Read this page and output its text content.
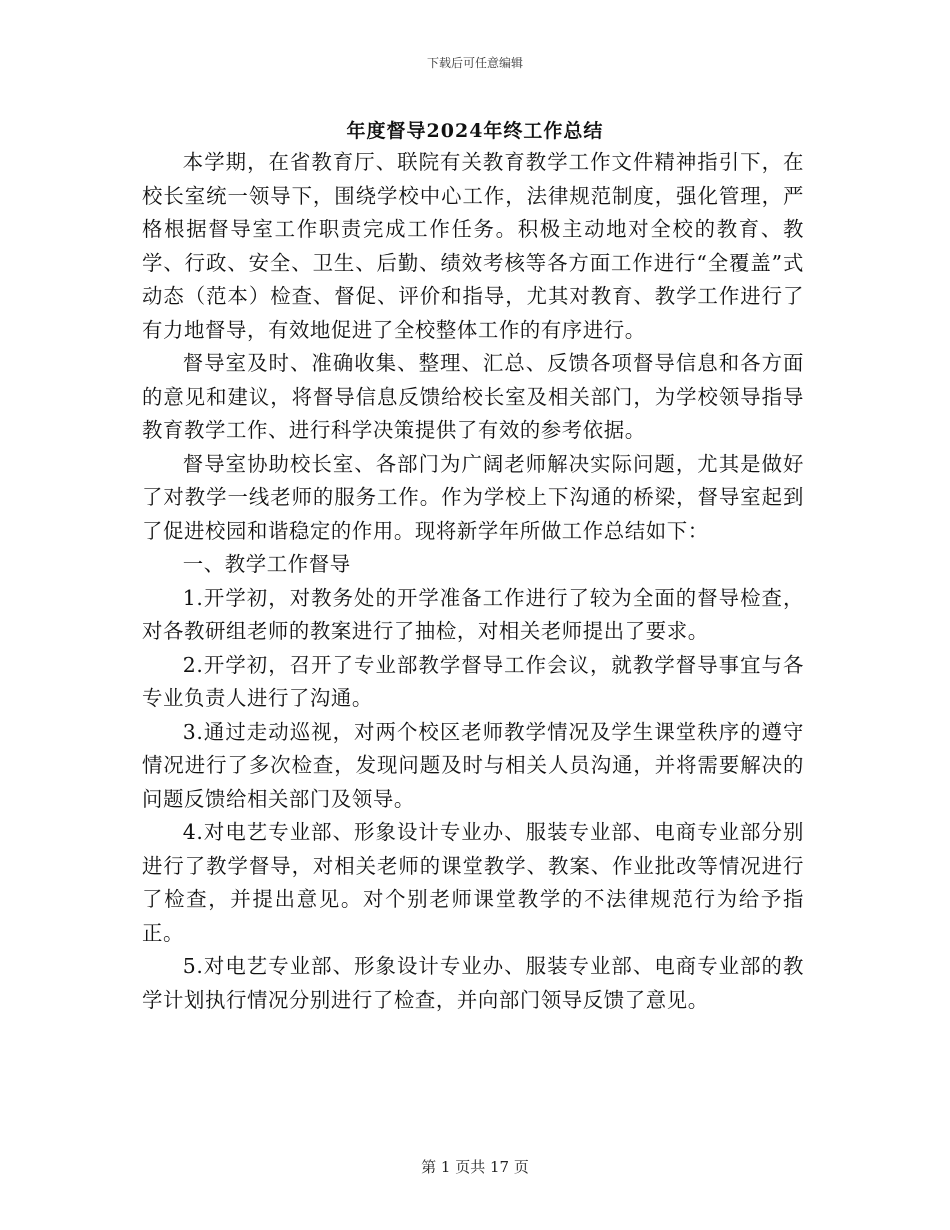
下载后可任意编辑
年度督导2024年终工作总结

本学期，在省教育厅、联院有关教育教学工作文件精神指引下，在校长室统一领导下，围绕学校中心工作，法律规范制度，强化管理，严格根据督导室工作职责完成工作任务。积极主动地对全校的教育、教学、行政、安全、卫生、后勤、绩效考核等各方面工作进行“全覆盖”式动态（范本）检查、督促、评价和指导，尤其对教育、教学工作进行了有力地督导，有效地促进了全校整体工作的有序进行。

督导室及时、准确收集、整理、汇总、反馈各项督导信息和各方面的意见和建议，将督导信息反馈给校长室及相关部门，为学校领导指导教育教学工作、进行科学决策提供了有效的参考依据。

督导室协助校长室、各部门为广阔老师解决实际问题，尤其是做好了对教学一线老师的服务工作。作为学校上下沟通的桥梁，督导室起到了促进校园和谐稳定的作用。现将新学年所做工作总结如下：

一、教学工作督导

1.开学初，对教务处的开学准备工作进行了较为全面的督导检查，对各教研组老师的教案进行了抽检，对相关老师提出了要求。

2.开学初，召开了专业部教学督导工作会议，就教学督导事宜与各专业负责人进行了沟通。

3.通过走动巡视，对两个校区老师教学情况及学生课堂秩序的遵守情况进行了多次检查，发现问题及时与相关人员沟通，并将需要解决的问题反馈给相关部门及领导。

4.对电艺专业部、形象设计专业办、服装专业部、电商专业部分别进行了教学督导，对相关老师的课堂教学、教案、作业批改等情况进行了检查，并提出意见。对个别老师课堂教学的不法律规范行为给予指正。

5.对电艺专业部、形象设计专业办、服装专业部、电商专业部的教学计划执行情况分别进行了检查，并向部门领导反馈了意见。

第 1 页共 17 页
